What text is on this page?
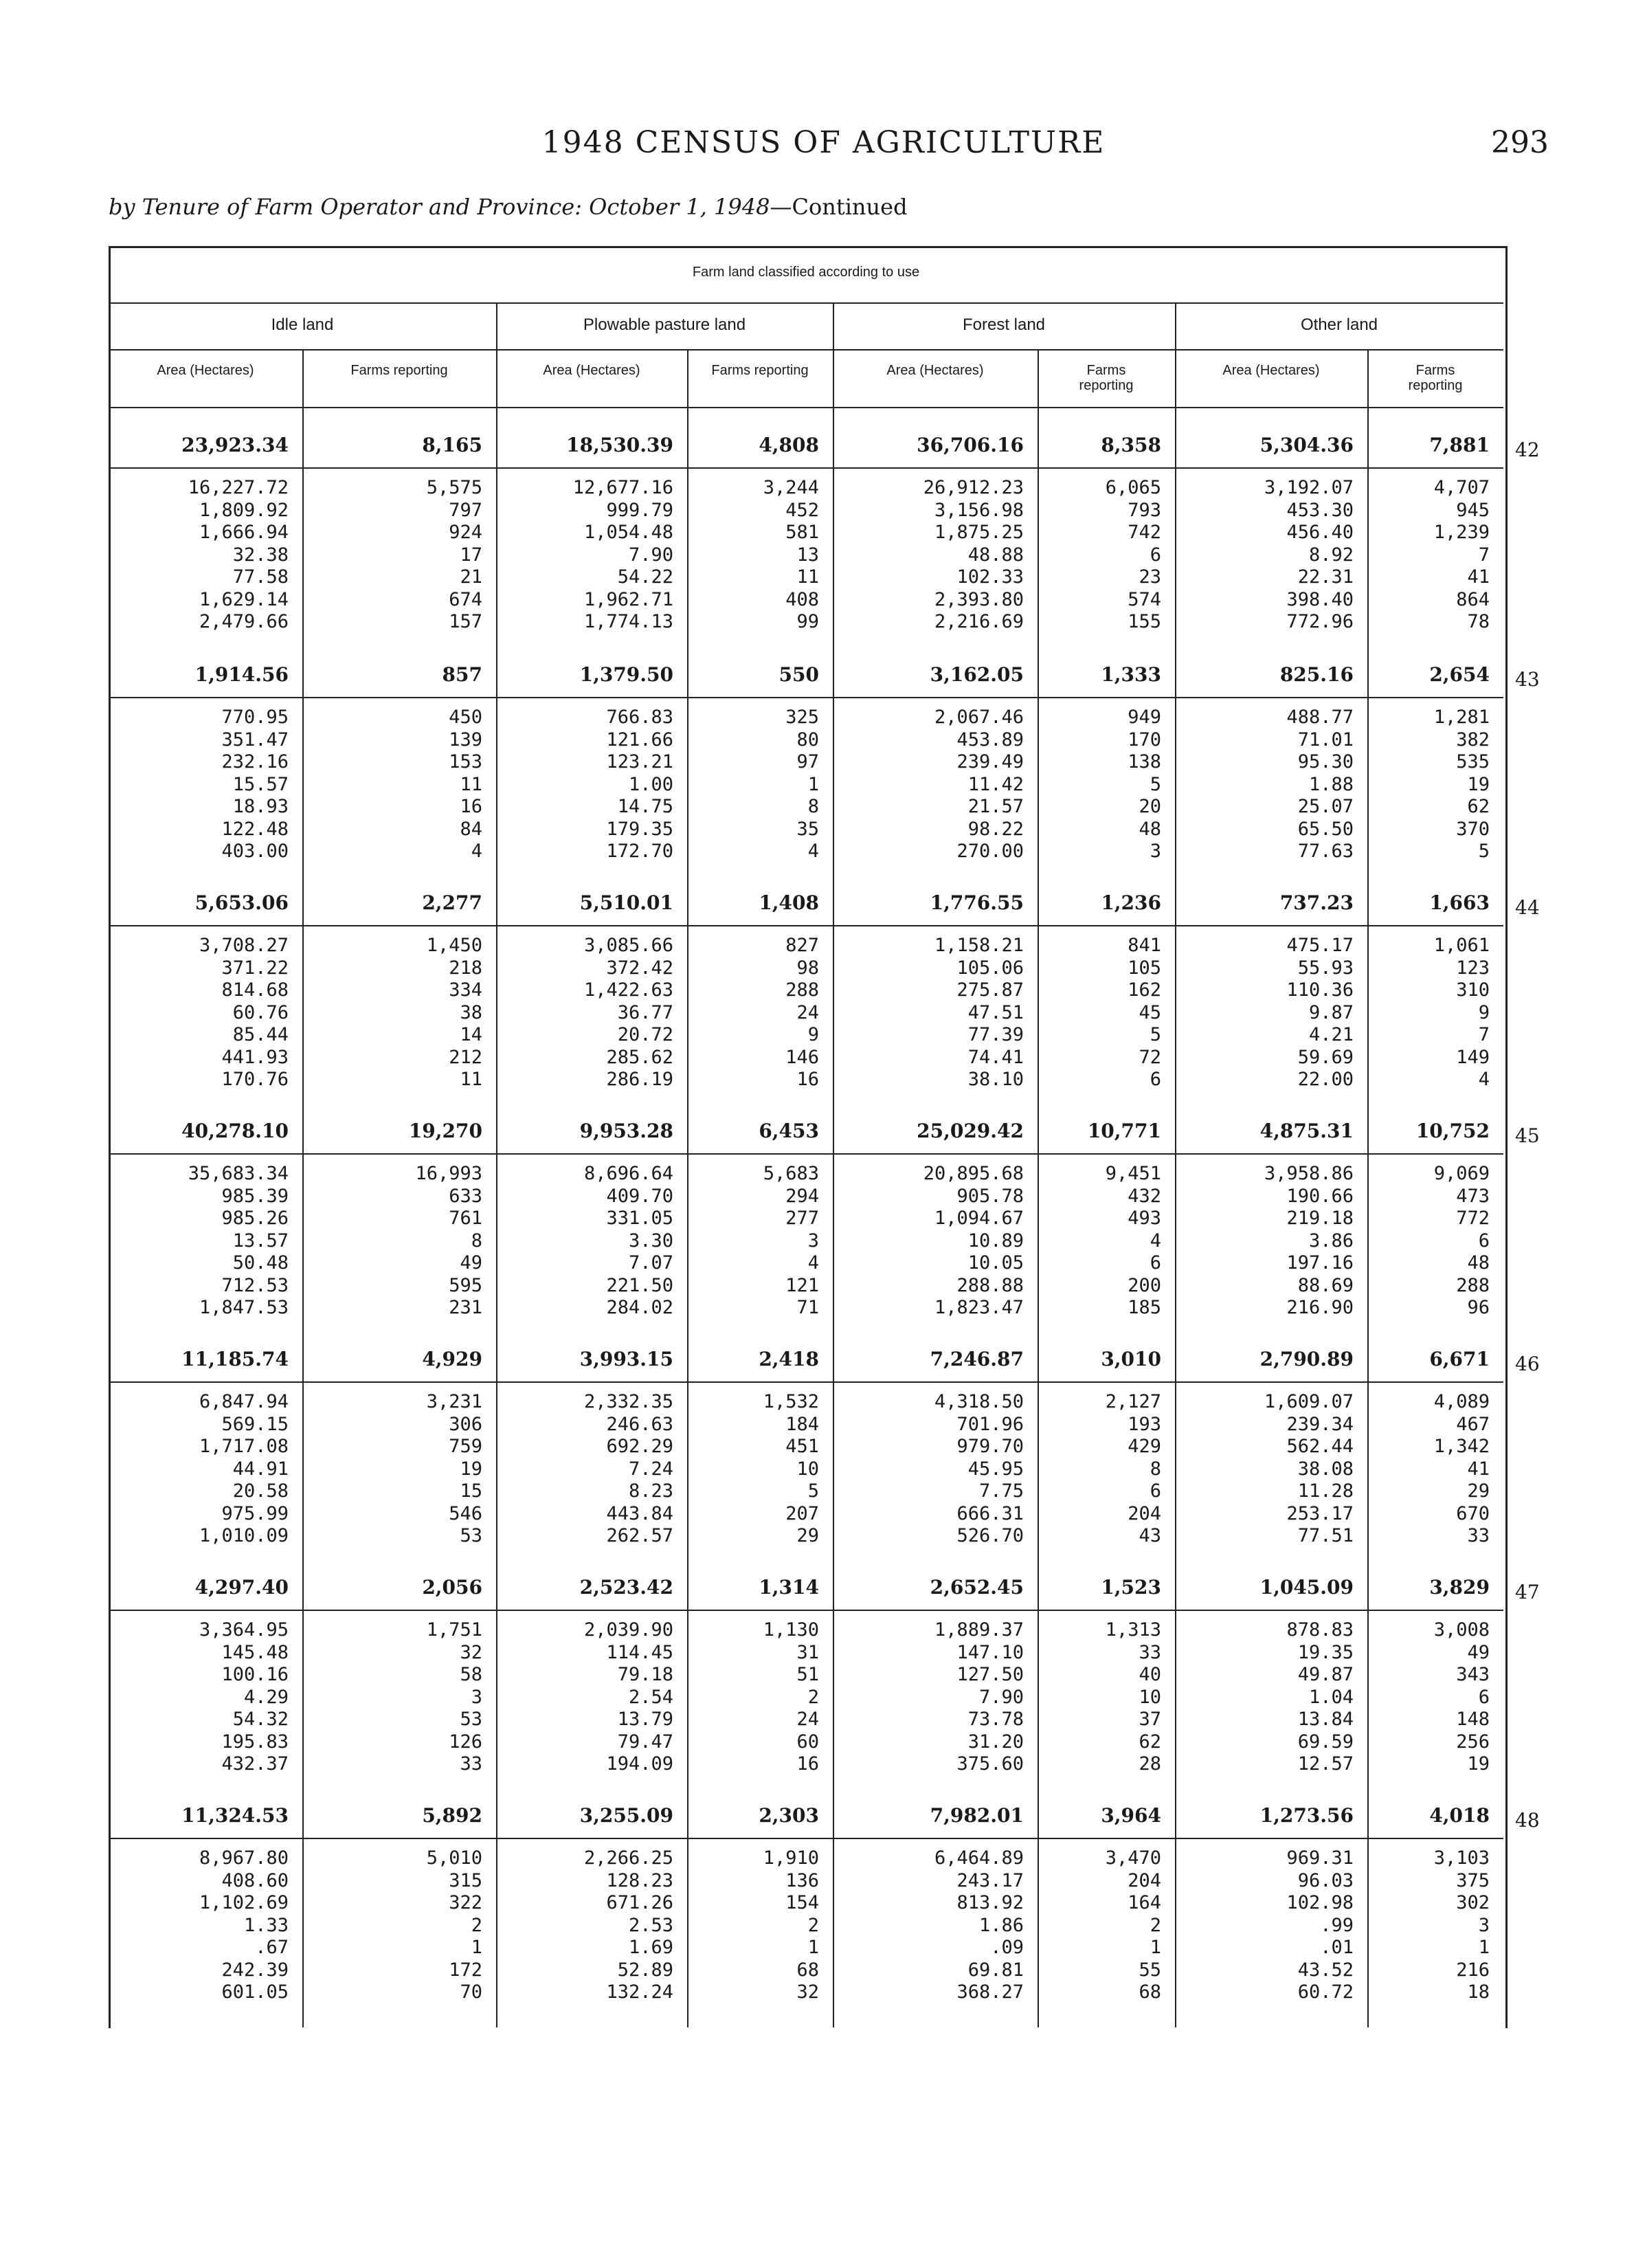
1948 CENSUS OF AGRICULTURE	293
by Tenure of Farm Operator and Province: October 1, 1948—Continued
Farm land classified according to use
Idle land	Plowable pasture land	Forest land	Other land
Area (Hectares)	Farms reporting	Area (Hectares)	Farms reporting	Area (Hectares)	Farms reporting
Area (Hectares)	Farms reporting
23,923.34	8,165	18,530.39	4,808	36,706.16	8,358	5,304.36	7,881 42
16,227.72	5,575	12,677.16	3,244	26,912.23	6,065	3,192.07	4,707
1,809.92	797	999.79	452	3,156.98	793	453.30	945
1,666.94	924	1,054.48	581	1,875.25	742	456.40	1,239
32.38	17	7.90	13	48.88	6	8.92	7
77.58	21	54.22	11	102.33	23	22.31	41
1,629.14	674	1,962.71	408	2,393.80	574	398.40	864
2,479.66	157	1,774.13	99	2,216.69	155	772.96	78
1,914.56	857	1,379.50	550	3,162.05	1,333	825.16	2,654 43
770.95	450	766.83	325	2,067.46	949	488.77	1,281
351.47	139	121.66	80	453.89	170	71.01	382
232.16	153	123.21	97	239.49	138	95.30	535
15.57	11	1.00	1	11.42	5	1.88	19
18.93	16	14.75	8	21.57	20	25.07	62
122.48	84	179.35	35	98.22	48	65.50	370
403.00	4	172.70	4	270.00	3	77.63	5
5,653.06	2,277	5,510.01	1,408	1,776.55	1,236	737.23	1,663 44
3,708.27	1,450	3,085.66	827	1,158.21	841	475.17	1,061
371.22	218	372.42	98	105.06	105	55.93	123
814.68	334	1,422.63	288	275.87	162	110.36	310
60.76	38	36.77	24	47.51	45	9.87	9
85.44	14	20.72	9	77.39	5	4.21	7
441.93	212	285.62	146	74.41	72	59.69	149
170.76	11	286.19	16	38.10	6	22.00	4
40,278.10	19,270	9,953.28	6,453	25,029.42	10,771	4,875.31	10,752 45
35,683.34	16,993	8,696.64	5,683	20,895.68	9,451	3,958.86	9,069
985.39	633	409.70	294	905.78	432	190.66	473
985.26	761	331.05	277	1,094.67	493	219.18	772
13.57	8	3.30	3	10.89	4	3.86	6
50.48	49	7.07	4	10.05	6	197.16	48
712.53	595	221.50	121	288.88	200	88.69	288
1,847.53	231	284.02	71	1,823.47	185	216.90	96
11,185.74	4,929	3,993.15	2,418	7,246.87	3,010	2,790.89	6,671 46
6,847.94	3,231	2,332.35	1,532	4,318.50	2,127	1,609.07	4,089
569.15	306	246.63	184	701.96	193	239.34	467
1,717.08	759	692.29	451	979.70	429	562.44	1,342
44.91	19	7.24	10	45.95	8	38.08	41
20.58	15	8.23	5	7.75	6	11.28	29
975.99	546	443.84	207	666.31	204	253.17	670
1,010.09	53	262.57	29	526.70	43	77.51	33
4,297.40	2,056	2,523.42	1,314	2,652.45	1,523	1,045.09	3,829 47
3,364.95	1,751	2,039.90	1,130	1,889.37	1,313	878.83	3,008
145.48	32	114.45	31	147.10	33	19.35	49
100.16	58	79.18	51	127.50	40	49.87	343
4.29	3	2.54	2	7.90	10	1.04	6
54.32	53	13.79	24	73.78	37	13.84	148
195.83	126	79.47	60	31.20	62	69.59	256
432.37	33	194.09	16	375.60	28	12.57	19
11,324.53	5,892	3,255.09	2,303	7,982.01	3,964	1,273.56	4,018 48
8,967.80	5,010	2,266.25	1,910	6,464.89	3,470	969.31	3,103
408.60	315	128.23	136	243.17	204	96.03	375
1,102.69	322	671.26	154	813.92	164	102.98	302
1.33	2	2.53	2	1.86	2	.99	3
.67	1	1.69	1	.09	1	.01	1
242.39	172	52.89	68	69.81	55	43.52	216
601.05	70	132.24	32	368.27	68	60.72	18
